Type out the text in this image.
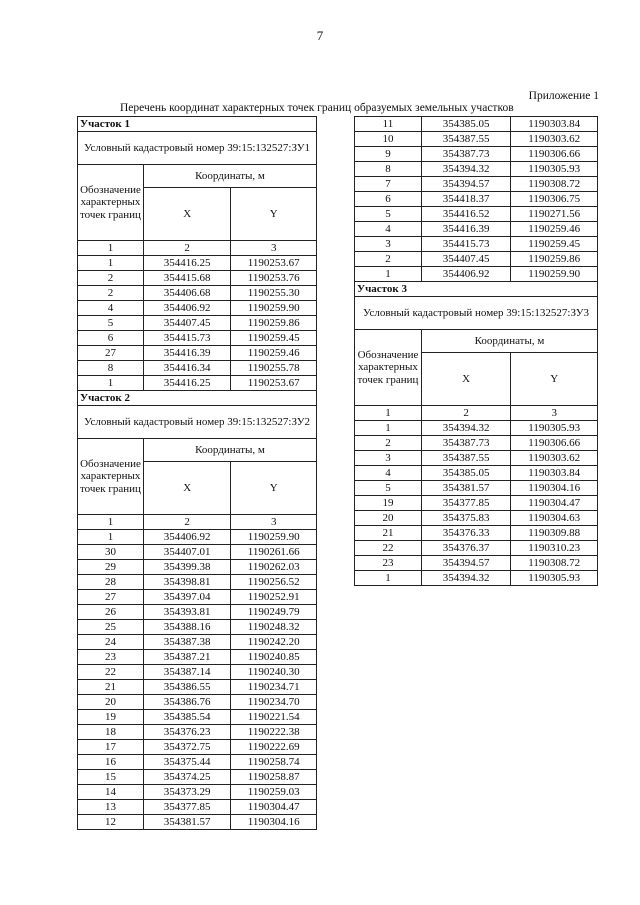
7
Приложение 1
Перечень координат характерных точек границ образуемых земельных участков
Участок 1		
Условный кадастровый номер 39:15:132527:ЗУ1		
Обозначение характерных точек границ	Координаты, м	
	X	Y
1	2	3
1	354416.25	1190253.67
2	354415.68	1190253.76
2	354406.68	1190255.30
4	354406.92	1190259.90
5	354407.45	1190259.86
6	354415.73	1190259.45
27	354416.39	1190259.46
8	354416.34	1190255.78
1	354416.25	1190253.67
Участок 2		
Условный кадастровый номер 39:15:132527:ЗУ2		
Обозначение характерных точек границ	Координаты, м	
	X	Y
1	2	3
1	354406.92	1190259.90
30	354407.01	1190261.66
29	354399.38	1190262.03
28	354398.81	1190256.52
27	354397.04	1190252.91
26	354393.81	1190249.79
25	354388.16	1190248.32
24	354387.38	1190242.20
23	354387.21	1190240.85
22	354387.14	1190240.30
21	354386.55	1190234.71
20	354386.76	1190234.70
19	354385.54	1190221.54
18	354376.23	1190222.38
17	354372.75	1190222.69
16	354375.44	1190258.74
15	354374.25	1190258.87
14	354373.29	1190259.03
13	354377.85	1190304.47
12	354381.57	1190304.16
11	354385.05	1190303.84
10	354387.55	1190303.62
9	354387.73	1190306.66
8	354394.32	1190305.93
7	354394.57	1190308.72
6	354418.37	1190306.75
5	354416.52	1190271.56
4	354416.39	1190259.46
3	354415.73	1190259.45
2	354407.45	1190259.86
1	354406.92	1190259.90
Участок 3		
Условный кадастровый номер 39:15:132527:ЗУ3		
Обозначение характерных точек границ	Координаты, м	
	X	Y
1	2	3
1	354394.32	1190305.93
2	354387.73	1190306.66
3	354387.55	1190303.62
4	354385.05	1190303.84
5	354381.57	1190304.16
19	354377.85	1190304.47
20	354375.83	1190304.63
21	354376.33	1190309.88
22	354376.37	1190310.23
23	354394.57	1190308.72
1	354394.32	1190305.93
